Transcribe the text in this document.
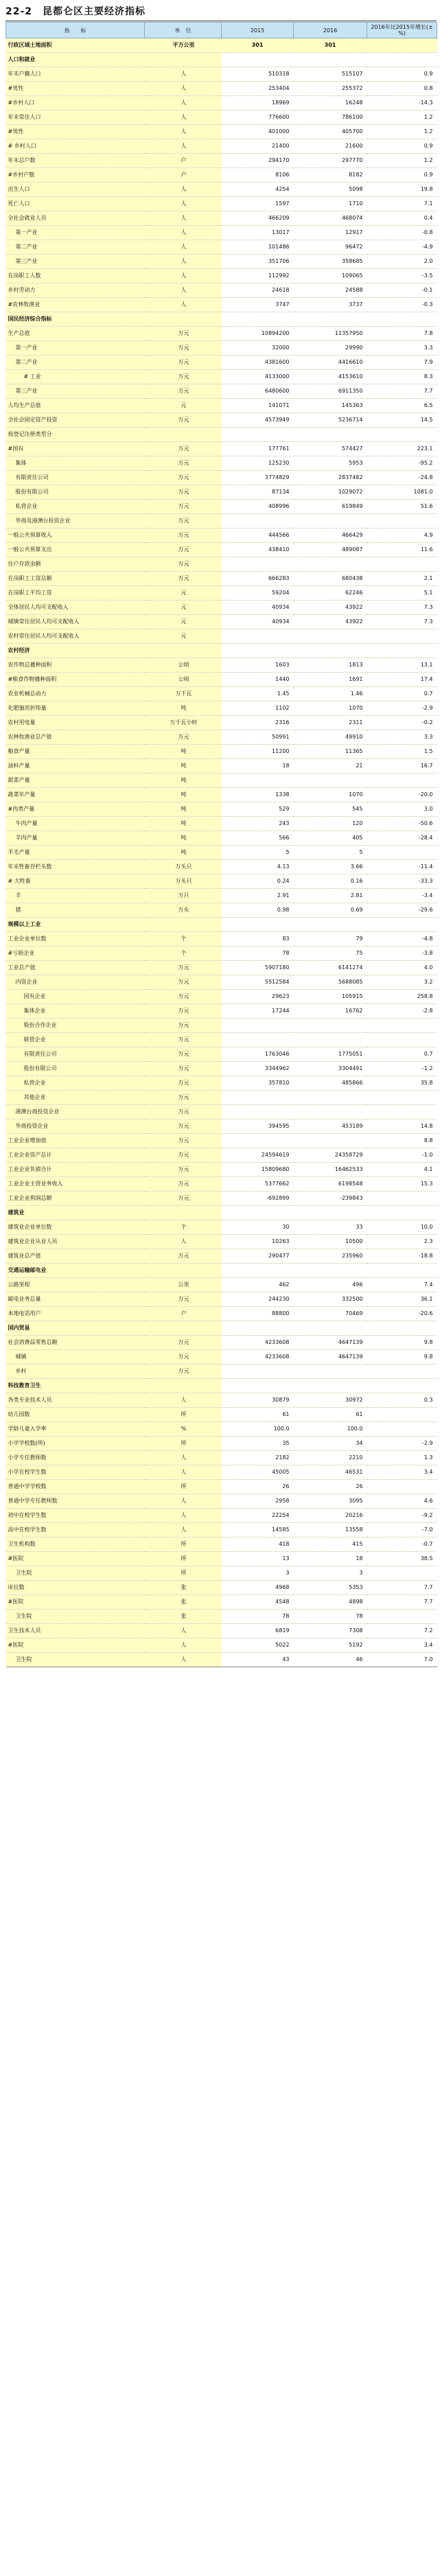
22-2　昆都仑区主要经济指标
指　　标	单　位	2015	2016	2016年比2015年增长(±%)
行政区域土地面积	平方公里	301	301	
人口和就业				
年末户籍人口	人	510318	515107	0.9
#男性	人	253404	255372	0.8
#乡村人口	人	18969	16248	-14.3
年末常住人口	人	776600	786100	1.2
#男性	人	401000	405700	1.2
# 乡村人口	人	21400	21600	0.9
年末总户数	户	294170	297770	1.2
#乡村户数	户	8106	8182	0.9
出生人口	人	4254	5098	19.8
死亡人口	人	1597	1710	7.1
全社会就业人员	人	466209	468074	0.4
第一产业	人	13017	12917	-0.8
第二产业	人	101486	96472	-4.9
第三产业	人	351706	358685	2.0
在岗职工人数	人	112992	109065	-3.5
乡村劳动力	人	24618	24588	-0.1
#农林牧渔业	人	3747	3737	-0.3
国民经济综合指标				
生产总值	万元	10894200	11357950	7.8
第一产业	万元	32000	29990	3.3
第二产业	万元	4381600	4416610	7.9
# 工业	万元	4133000	4153610	8.3
第三产业	万元	6480600	6911350	7.7
人均生产总值	元	141071	145363	6.5
全社会固定资产投资	万元	4573949	5236714	14.5
按登记注册类型分				
#国有	万元	177761	574427	223.1
集体	万元	125230	5953	-95.2
有限责任公司	万元	3774829	2837482	-24.8
股份有限公司	万元	87134	1029072	1081.0
私营企业	万元	408996	619849	51.6
外商及港澳台投资企业	万元			
一般公共预算收入	万元	444566	466429	4.9
一般公共预算支出	万元	438410	489087	11.6
住户存款余额	万元			
在岗职工工资总额	万元	666283	680438	2.1
在岗职工平均工资	元	59204	62246	5.1
全体居民人均可支配收入	元	40934	43922	7.3
城镇常住居民人均可支配收入	元	40934	43922	7.3
农村常住居民人均可支配收入	元			
农村经济				
农作物总播种面积	公顷	1603	1813	13.1
#粮食作物播种面积	公顷	1440	1691	17.4
农业机械总动力	万千瓦	1.45	1.46	0.7
化肥施用折纯量	吨	1102	1070	-2.9
农村用电量	万千瓦小时	2316	2311	-0.2
农林牧渔业总产值	万元	50991	49910	3.3
粮食产量	吨	11200	11365	1.5
油料产量	吨	18	21	16.7
甜菜产量	吨			
蔬菜年产量	吨	1338	1070	-20.0
#肉类产量	吨	529	545	3.0
牛肉产量	吨	243	120	-50.6
羊肉产量	吨	566	405	-28.4
羊毛产量	吨	5	5	
年末牲畜存栏头数	万头只	4.13	3.66	-11.4
# 大牲畜	万头只	0.24	0.16	-33.3
羊	万只	2.91	2.81	-3.4
猪	万头	0.98	0.69	-29.6
规模以上工业				
工业企业单位数	个	83	79	-4.8
#亏损企业	个	78	75	-3.8
工业总产值	万元	5907180	6141274	4.0
内资企业	万元	5512584	5688085	3.2
国有企业	万元	29623	105915	258.8
集体企业	万元	17244	16762	-2.8
股份合作企业	万元			
联营企业	万元			
有限责任公司	万元	1763046	1775051	0.7
股份有限公司	万元	3344962	3304491	-1.2
私营企业	万元	357810	485866	35.8
其他企业	万元			
港澳台商投资企业	万元			
外商投资企业	万元	394595	453189	14.8
工业企业增加值	万元			8.8
工业企业资产总计	万元	24594619	24358729	-1.0
工业企业负债合计	万元	15809680	16462533	4.1
工业企业主营业务收入	万元	5377662	6198548	15.3
工业企业利润总额	万元	-692899	-239843	
建筑业				
建筑业企业单位数	个	30	33	10.0
建筑业企业从业人员	人	10263	10500	2.3
建筑业总产值	万元	290477	235960	-18.8
交通运输邮电业				
公路里程	公里	462	496	7.4
邮电业务总量	万元	244230	332500	36.1
本地电话用户	户	88800	70469	-20.6
国内贸易				
社会消费品零售总额	万元	4233608	4647139	9.8
城镇	万元	4233608	4647139	9.8
乡村	万元			
科技教育卫生				
各类专业技术人员	人	30879	30972	0.3
幼儿园数	所	61	61	
学龄儿童入学率	%	100.0	100.0	
小学学校数(所)	所	35	34	-2.9
小学专任教师数	人	2182	2210	1.3
小学在校学生数	人	45005	46531	3.4
普通中学学校数	所	26	26	
普通中学专任教师数	人	2958	3095	4.6
初中在校学生数	人	22254	20216	-9.2
高中在校学生数	人	14585	13558	-7.0
卫生机构数	所	418	415	-0.7
#医院	所	13	18	38.5
卫生院	所	3	3	
床位数	张	4968	5353	7.7
#医院	张	4548	4898	7.7
卫生院	张	78	78	
卫生技术人员	人	6819	7308	7.2
#医院	人	5022	5192	3.4
卫生院	人	43	46	7.0
